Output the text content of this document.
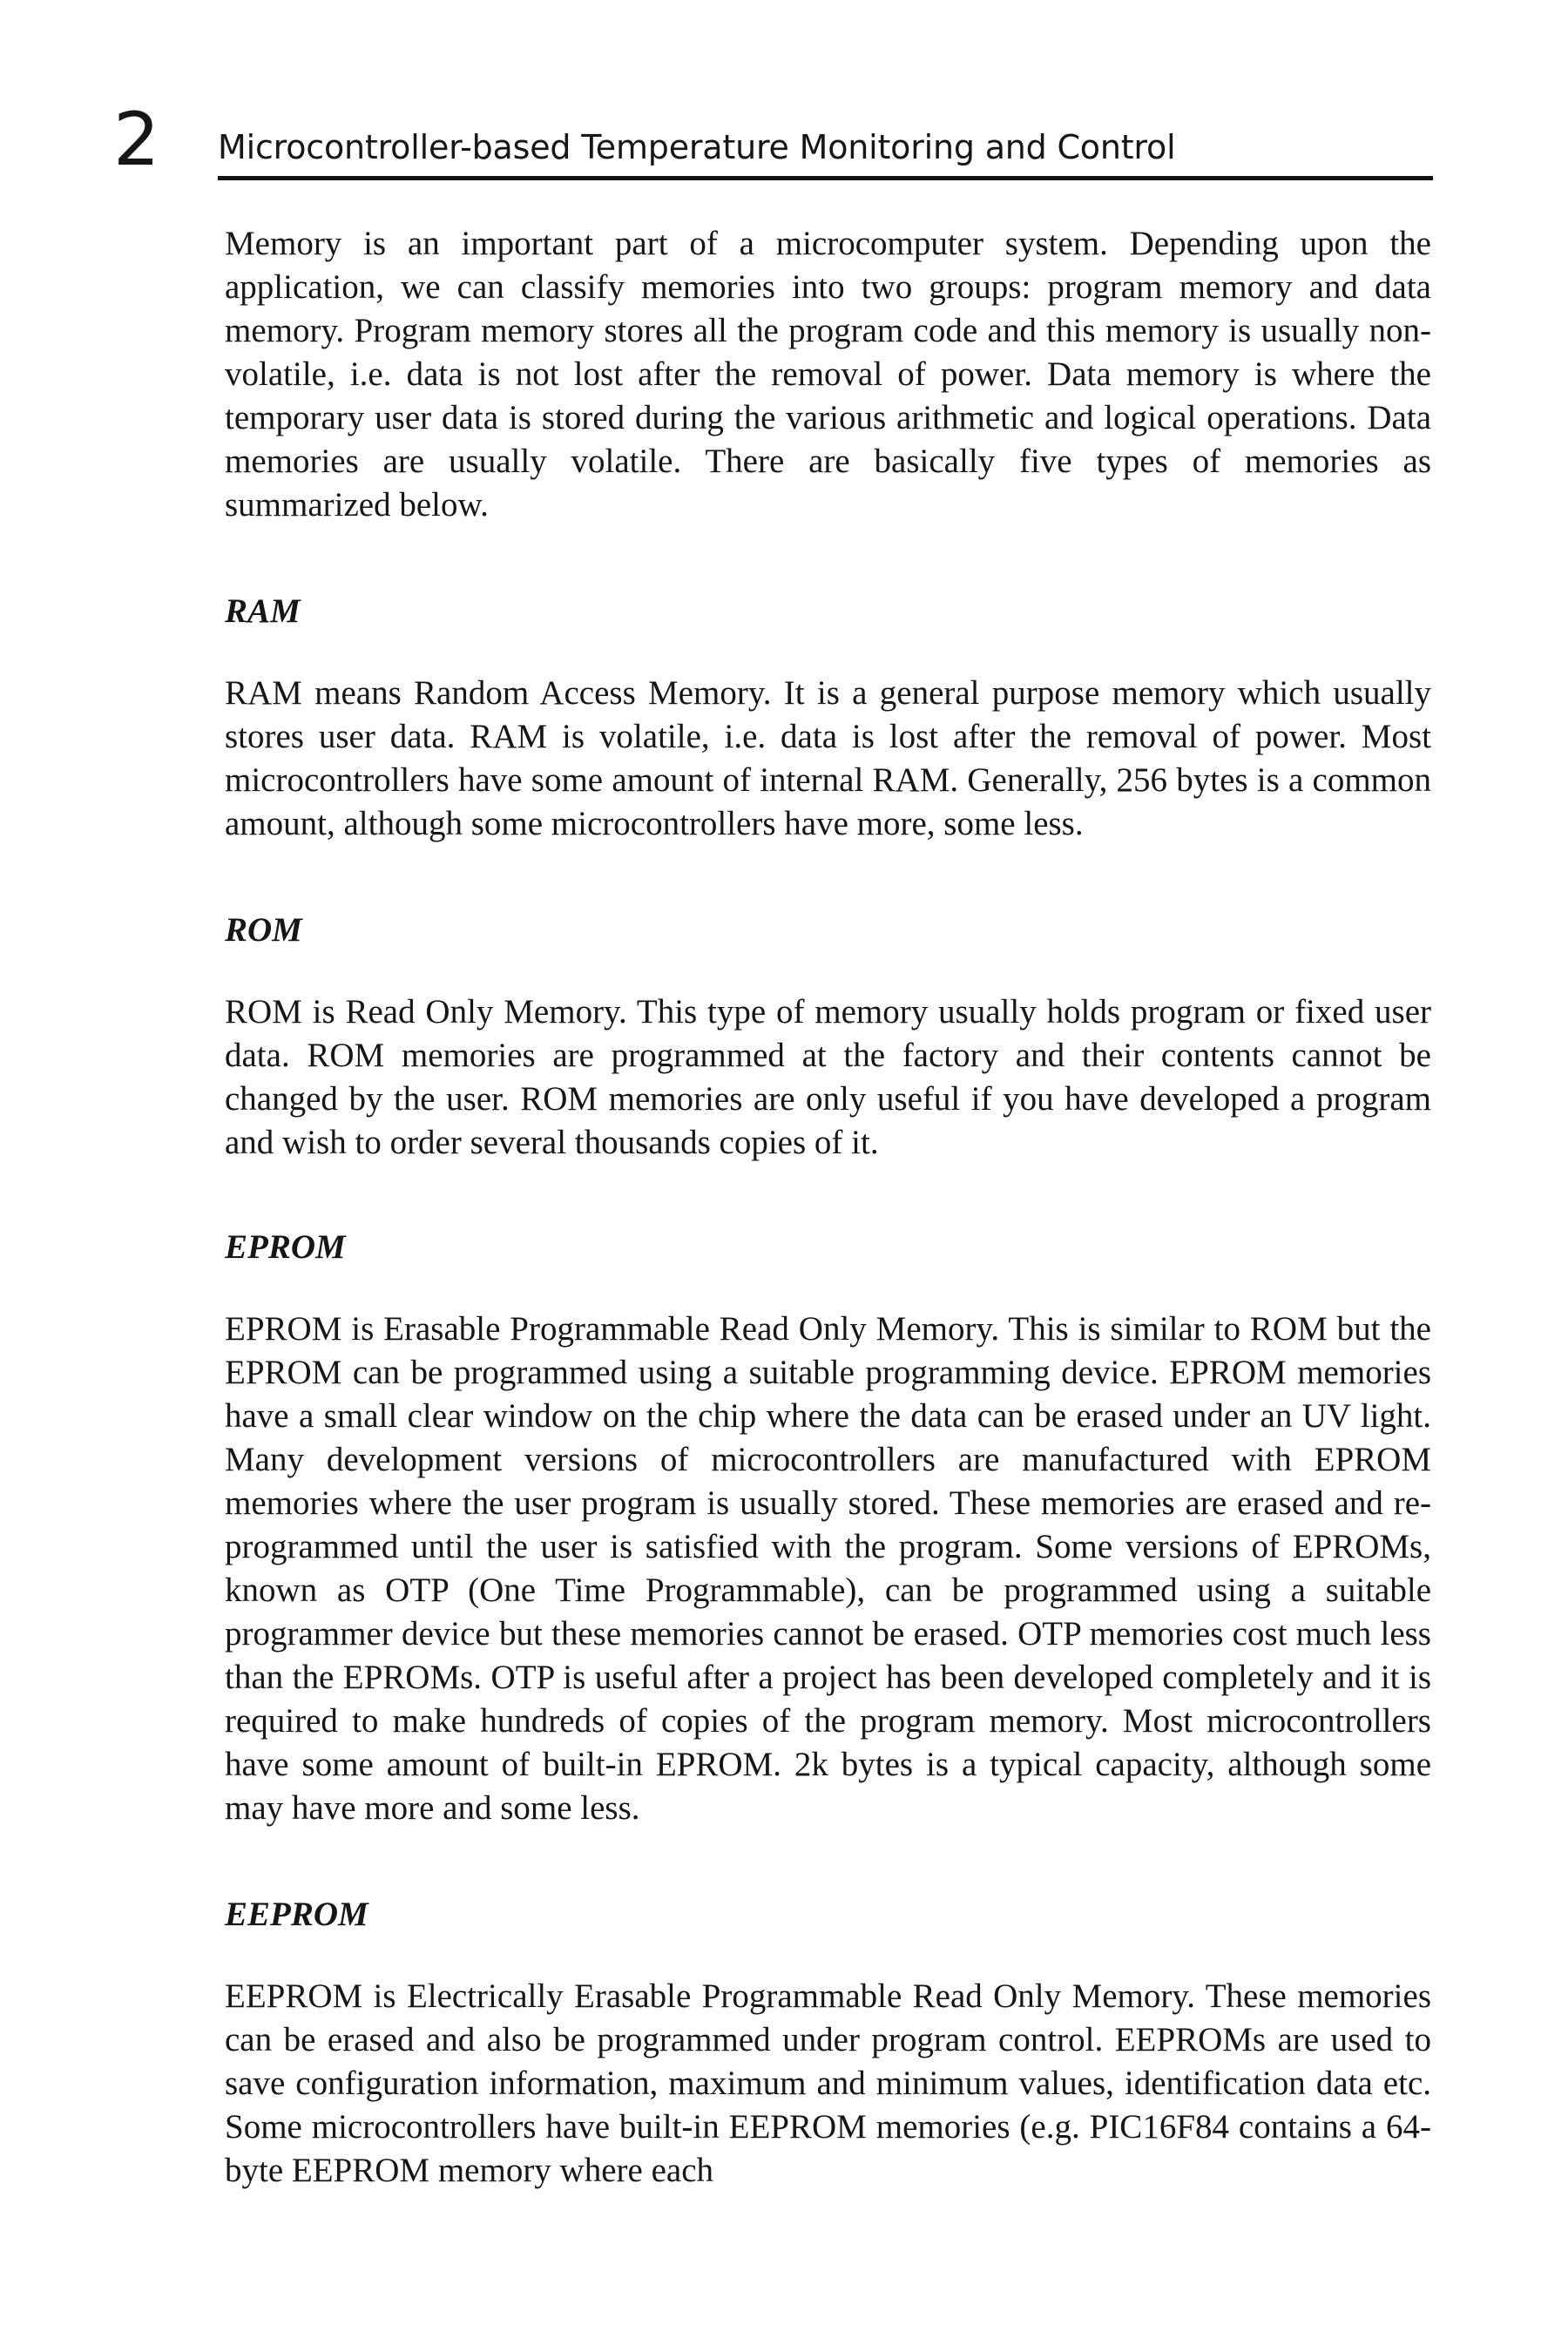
2 Microcontroller-based Temperature Monitoring and Control

Memory is an important part of a microcomputer system. Depending upon the application, we can classify memories into two groups: program memory and data memory. Program memory stores all the program code and this memory is usually non-volatile, i.e. data is not lost after the removal of power. Data memory is where the temporary user data is stored during the various arithmetic and logical operations. Data memories are usually volatile. There are basically five types of memories as summarized below.

RAM

RAM means Random Access Memory. It is a general purpose memory which usually stores user data. RAM is volatile, i.e. data is lost after the removal of power. Most microcontrollers have some amount of internal RAM. Generally, 256 bytes is a common amount, although some microcontrollers have more, some less.

ROM

ROM is Read Only Memory. This type of memory usually holds program or fixed user data. ROM memories are programmed at the factory and their contents cannot be changed by the user. ROM memories are only useful if you have developed a program and wish to order several thousands copies of it.

EPROM

EPROM is Erasable Programmable Read Only Memory. This is similar to ROM but the EPROM can be programmed using a suitable programming device. EPROM memories have a small clear window on the chip where the data can be erased under an UV light. Many development versions of microcontrollers are manufactured with EPROM memories where the user program is usually stored. These memories are erased and re-programmed until the user is satisfied with the program. Some versions of EPROMs, known as OTP (One Time Programmable), can be programmed using a suitable programmer device but these memories cannot be erased. OTP memories cost much less than the EPROMs. OTP is useful after a project has been developed completely and it is required to make hundreds of copies of the program memory. Most microcontrollers have some amount of built-in EPROM. 2k bytes is a typical capacity, although some may have more and some less.

EEPROM

EEPROM is Electrically Erasable Programmable Read Only Memory. These memories can be erased and also be programmed under program control. EEPROMs are used to save configuration information, maximum and minimum values, identification data etc. Some microcontrollers have built-in EEPROM memories (e.g. PIC16F84 contains a 64-byte EEPROM memory where each
